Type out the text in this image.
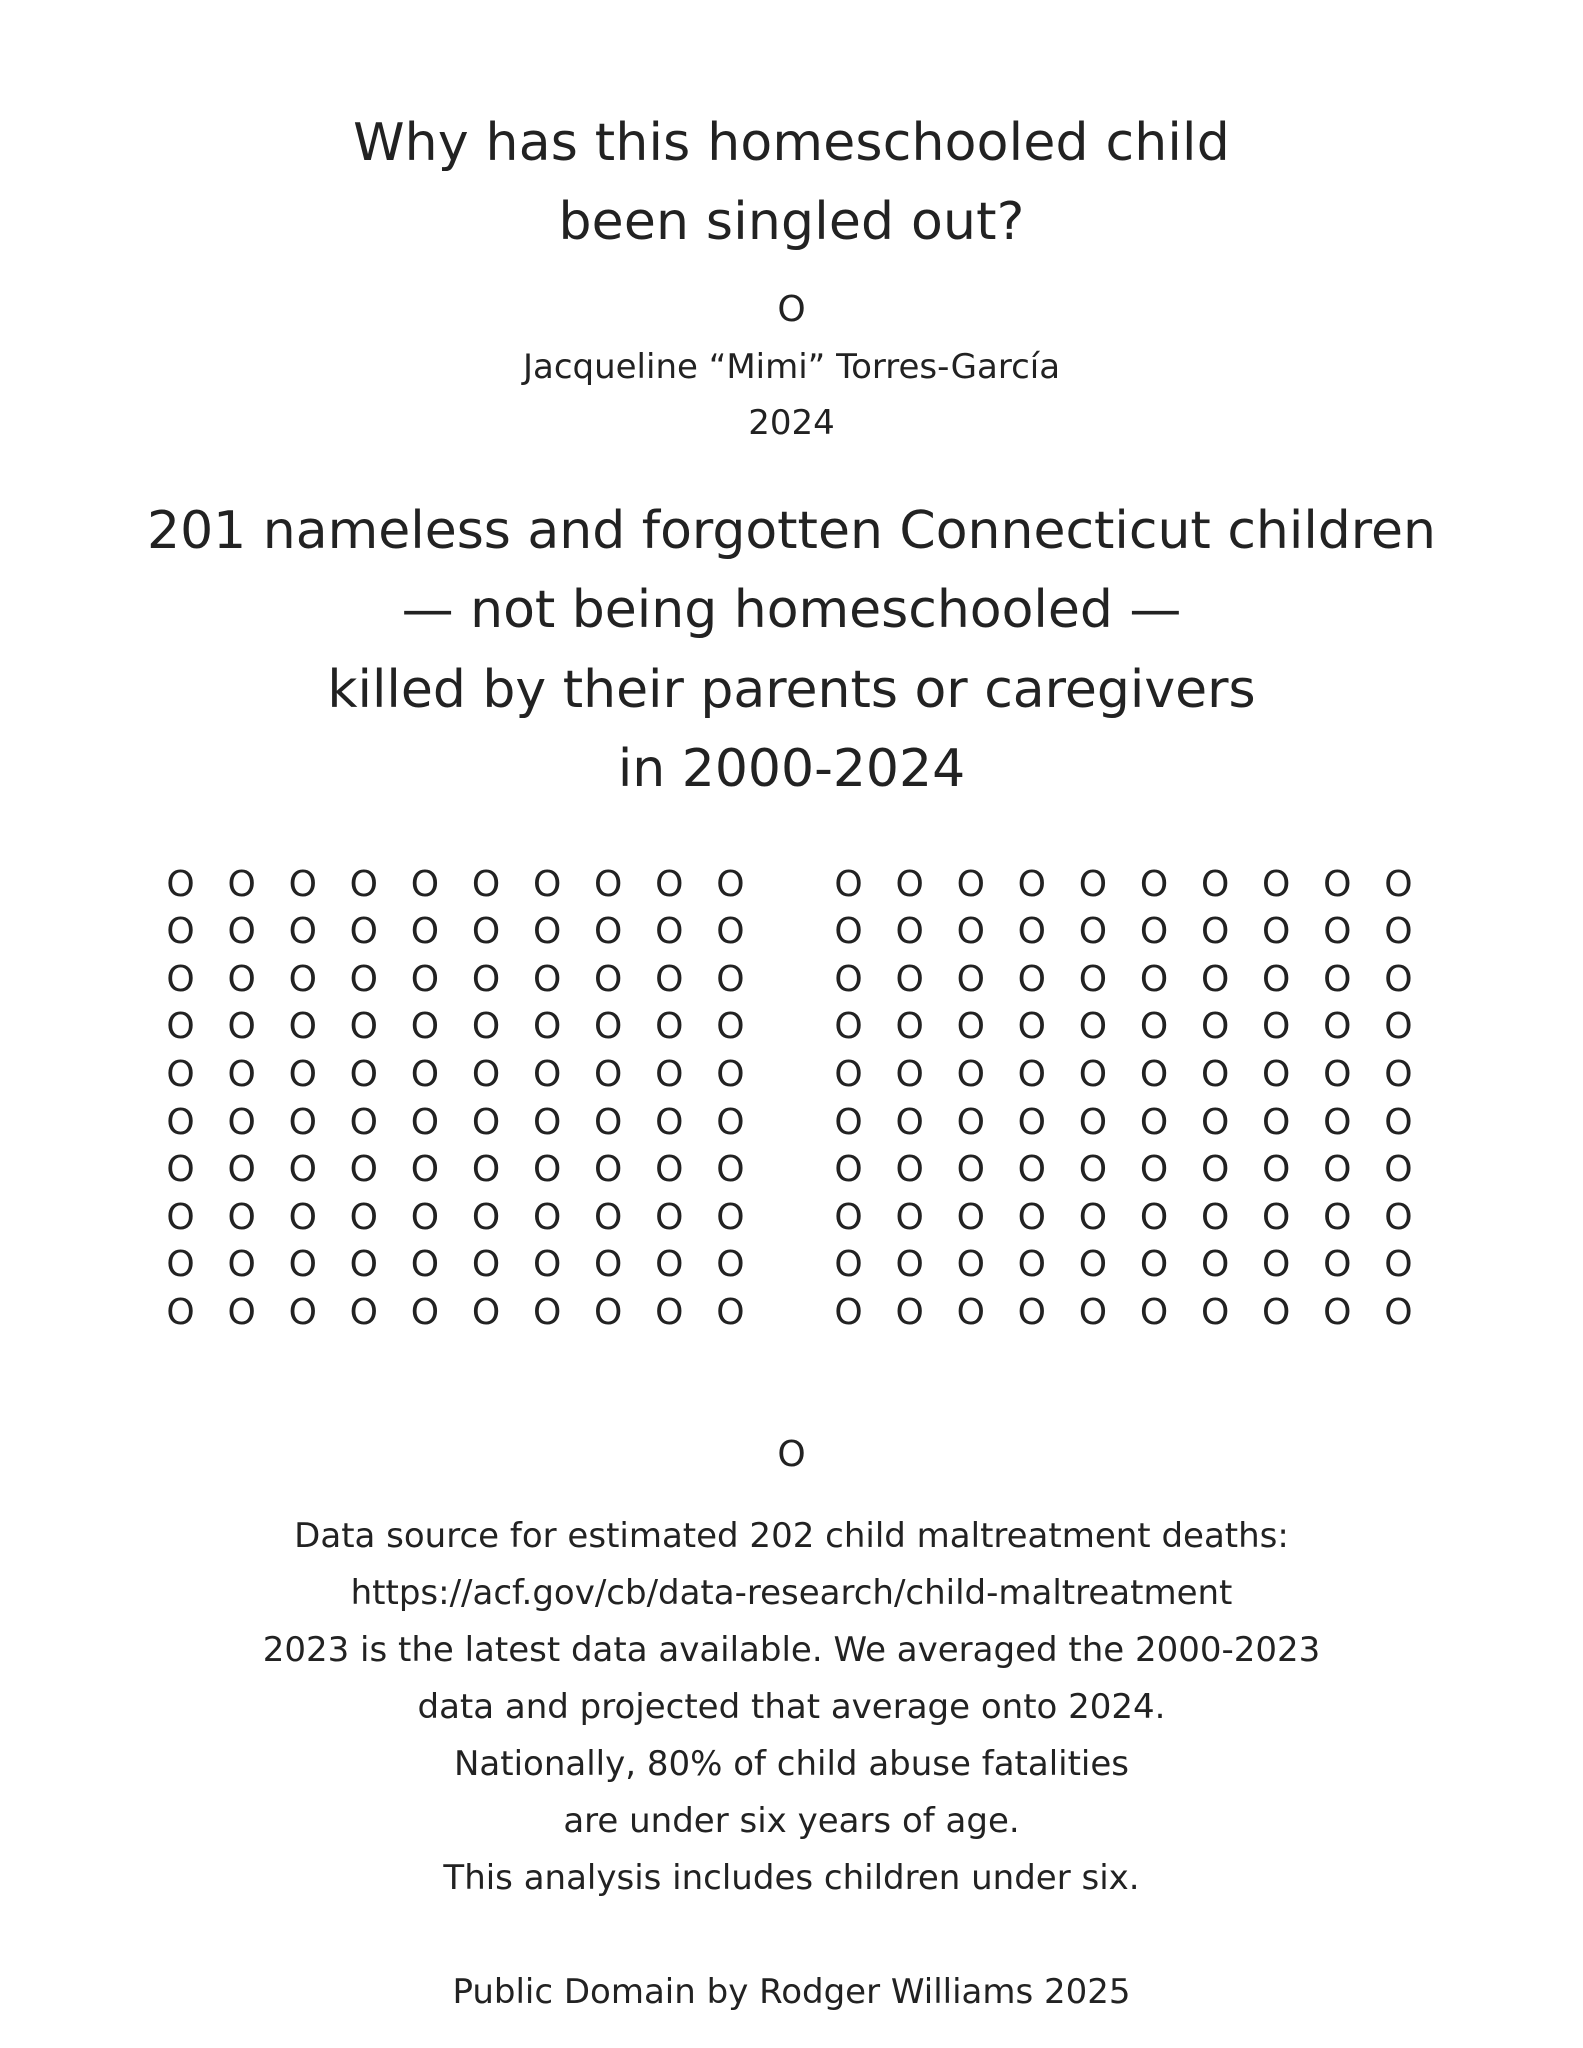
Why has this homeschooled child
been singled out?
O
Jacqueline “Mimi” Torres-García
2024
201 nameless and forgotten Connecticut children
— not being homeschooled —
killed by their parents or caregivers
in 2000-2024
O O O O O O O O O O
O O O O O O O O O O
O O O O O O O O O O
O O O O O O O O O O
O O O O O O O O O O
O O O O O O O O O O
O O O O O O O O O O
O O O O O O O O O O
O O O O O O O O O O
O O O O O O O O O O
O O O O O O O O O O
O O O O O O O O O O
O O O O O O O O O O
O O O O O O O O O O
O O O O O O O O O O
O O O O O O O O O O
O O O O O O O O O O
O O O O O O O O O O
O O O O O O O O O O
O O O O O O O O O O
O
Data source for estimated 202 child maltreatment deaths:
https://acf.gov/cb/data-research/child-maltreatment
2023 is the latest data available. We averaged the 2000-2023
data and projected that average onto 2024.
Nationally, 80% of child abuse fatalities
are under six years of age.
This analysis includes children under six.
Public Domain by Rodger Williams 2025
